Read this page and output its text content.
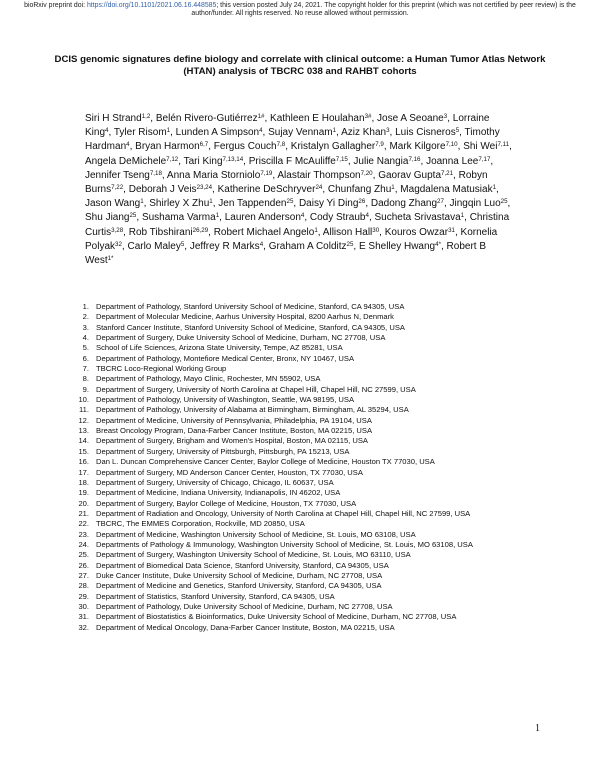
bioRxiv preprint doi: https://doi.org/10.1101/2021.06.16.448585; this version posted July 24, 2021. The copyright holder for this preprint (which was not certified by peer review) is the author/funder. All rights reserved. No reuse allowed without permission.
DCIS genomic signatures define biology and correlate with clinical outcome: a Human Tumor Atlas Network (HTAN) analysis of TBCRC 038 and RAHBT cohorts

Siri H Strand$^{1,2}$, Belén Rivero-Gutiérrez$^{1\#}$, Kathleen E Houlahan$^{3\#}$, Jose A Seoane$^3$, Lorraine King$^4$, Tyler Risom$^1$, Lunden A Simpson$^4$, Sujay Vennam$^1$, Aziz Khan$^3$, Luis Cisneros$^5$, Timothy Hardman$^4$, Bryan Harmon$^{6,7}$, Fergus Couch$^{7,8}$, Kristalyn Gallagher$^{7,9}$, Mark Kilgore$^{7,10}$, Shi Wei$^{7,11}$, Angela DeMichele$^{7,12}$, Tari King$^{7,13,14}$, Priscilla F McAuliffe$^{7,15}$, Julie Nangia$^{7,16}$, Joanna Lee$^{7,17}$, Jennifer Tseng$^{7,18}$, Anna Maria Storniolo$^{7,19}$, Alastair Thompson$^{7,20}$, Gaorav Gupta$^{7,21}$, Robyn Burns$^{7,22}$, Deborah J Veis$^{23,24}$, Katherine DeSchryver$^{24}$, Chunfang Zhu$^1$, Magdalena Matusiak$^1$, Jason Wang$^1$, Shirley X Zhu$^1$, Jen Tappenden$^{25}$, Daisy Yi Ding$^{26}$, Dadong Zhang$^{27}$, Jingqin Luo$^{25}$, Shu Jiang$^{25}$, Sushama Varma$^1$, Lauren Anderson$^4$, Cody Straub$^4$, Sucheta Srivastava$^1$, Christina Curtis$^{3,28}$, Rob Tibshirani$^{26,29}$, Robert Michael Angelo$^1$, Allison Hall$^{30}$, Kouros Owzar$^{31}$, Kornelia Polyak$^{32}$, Carlo Maley$^5$, Jeffrey R Marks$^4$, Graham A Colditz$^{25}$, E Shelley Hwang$^{4*}$, Robert B West$^{1*}$

1. Department of Pathology, Stanford University School of Medicine, Stanford, CA 94305, USA
2. Department of Molecular Medicine, Aarhus University Hospital, 8200 Aarhus N, Denmark
3. Stanford Cancer Institute, Stanford University School of Medicine, Stanford, CA 94305, USA
4. Department of Surgery, Duke University School of Medicine, Durham, NC 27708, USA
5. School of Life Sciences, Arizona State University, Tempe, AZ 85281, USA
6. Department of Pathology, Montefiore Medical Center, Bronx, NY 10467, USA
7. TBCRC Loco-Regional Working Group
8. Department of Pathology, Mayo Clinic, Rochester, MN 55902, USA
9. Department of Surgery, University of North Carolina at Chapel Hill, Chapel Hill, NC 27599, USA
10. Department of Pathology, University of Washington, Seattle, WA 98195, USA
11. Department of Pathology, University of Alabama at Birmingham, Birmingham, AL 35294, USA
12. Department of Medicine, University of Pennsylvania, Philadelphia, PA 19104, USA
13. Breast Oncology Program, Dana-Farber Cancer Institute, Boston, MA 02215, USA
14. Department of Surgery, Brigham and Women's Hospital, Boston, MA 02115, USA
15. Department of Surgery, University of Pittsburgh, Pittsburgh, PA 15213, USA
16. Dan L. Duncan Comprehensive Cancer Center, Baylor College of Medicine, Houston TX 77030, USA
17. Department of Surgery, MD Anderson Cancer Center, Houston, TX 77030, USA
18. Department of Surgery, University of Chicago, Chicago, IL 60637, USA
19. Department of Medicine, Indiana University, Indianapolis, IN 46202, USA
20. Department of Surgery, Baylor College of Medicine, Houston, TX 77030, USA
21. Department of Radiation and Oncology, University of North Carolina at Chapel Hill, Chapel Hill, NC 27599, USA
22. TBCRC, The EMMES Corporation, Rockville, MD 20850, USA
23. Department of Medicine, Washington University School of Medicine, St. Louis, MO 63108, USA
24. Departments of Pathology & Immunology, Washington University School of Medicine, St. Louis, MO 63108, USA
25. Department of Surgery, Washington University School of Medicine, St. Louis, MO 63110, USA
26. Department of Biomedical Data Science, Stanford University, Stanford, CA 94305, USA
27. Duke Cancer Institute, Duke University School of Medicine, Durham, NC 27708, USA
28. Department of Medicine and Genetics, Stanford University, Stanford, CA 94305, USA
29. Department of Statistics, Stanford University, Stanford, CA 94305, USA
30. Department of Pathology, Duke University School of Medicine, Durham, NC 27708, USA
31. Department of Biostatistics & Bioinformatics, Duke University School of Medicine, Durham, NC 27708, USA
32. Department of Medical Oncology, Dana-Farber Cancer Institute, Boston, MA 02215, USA
1
